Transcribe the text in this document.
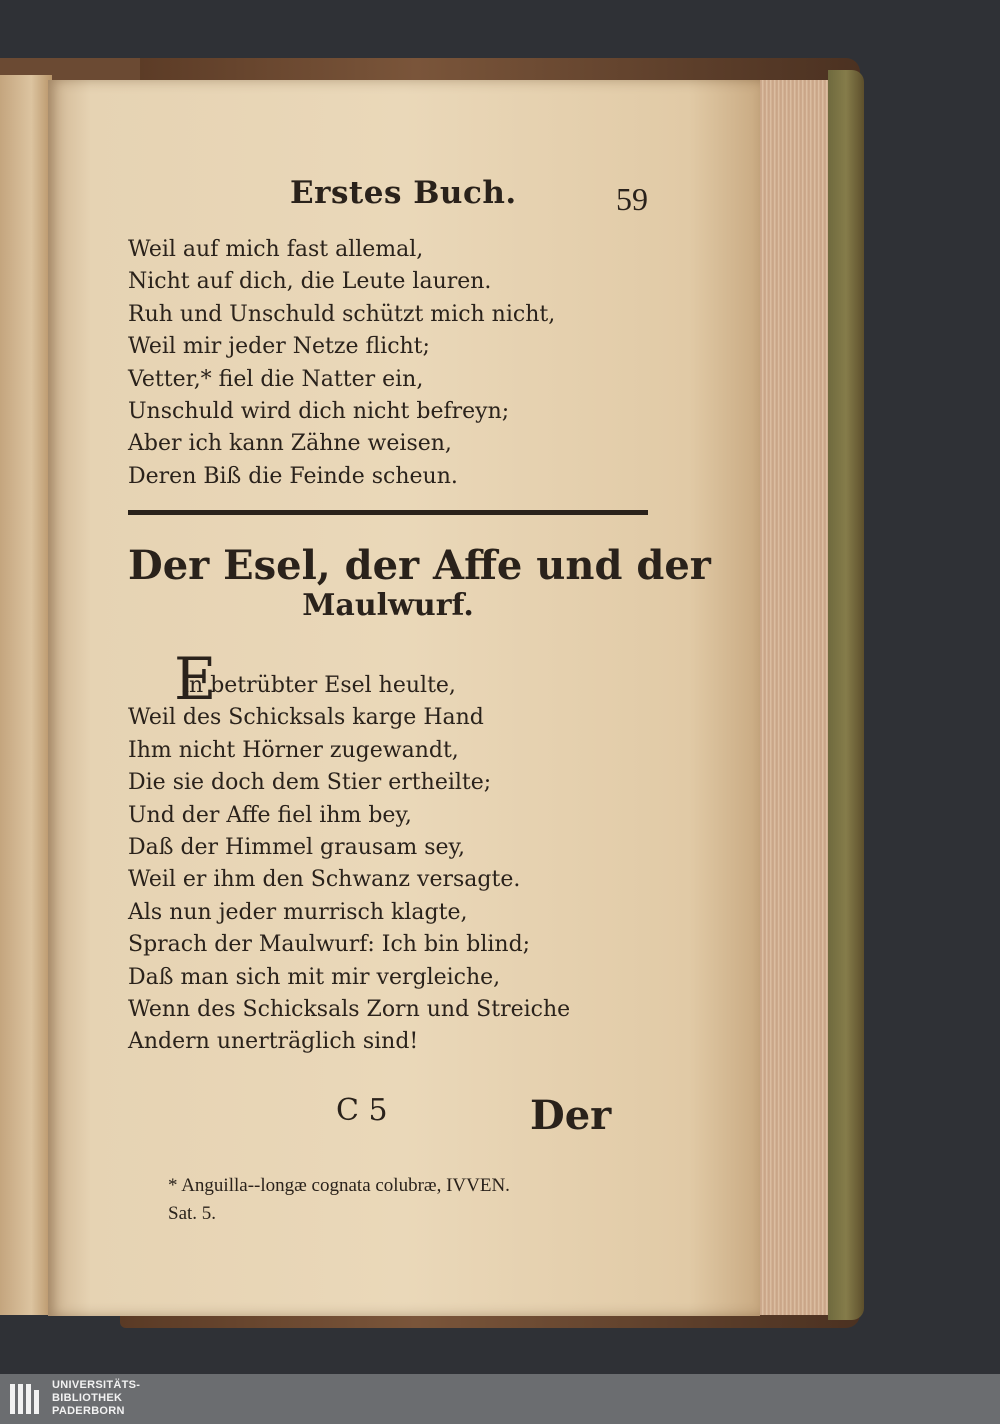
Erstes Buch.	59
Weil auf mich fast allemal,
Nicht auf dich, die Leute lauren.
Ruh und Unschuld schützt mich nicht,
Weil mir jeder Netze flicht;
Vetter,* fiel die Natter ein,
Unschuld wird dich nicht befreyn;
Aber ich kann Zähne weisen,
Deren Biß die Feinde scheun.
Der Esel, der Affe und der
Maulwurf.
E
in betrübter Esel heulte,
Weil des Schicksals karge Hand
Ihm nicht Hörner zugewandt,
Die sie doch dem Stier ertheilte;
Und der Affe fiel ihm bey,
Daß der Himmel grausam sey,
Weil er ihm den Schwanz versagte.
Als nun jeder murrisch klagte,
Sprach der Maulwurf: Ich bin blind;
Daß man sich mit mir vergleiche,
Wenn des Schicksals Zorn und Streiche
Andern unerträglich sind!
C 5	Der
* Anguilla--longæ cognata colubræ, IVVEN.
Sat. 5.
UNIVERSITÄTS-
BIBLIOTHEK
PADERBORN
